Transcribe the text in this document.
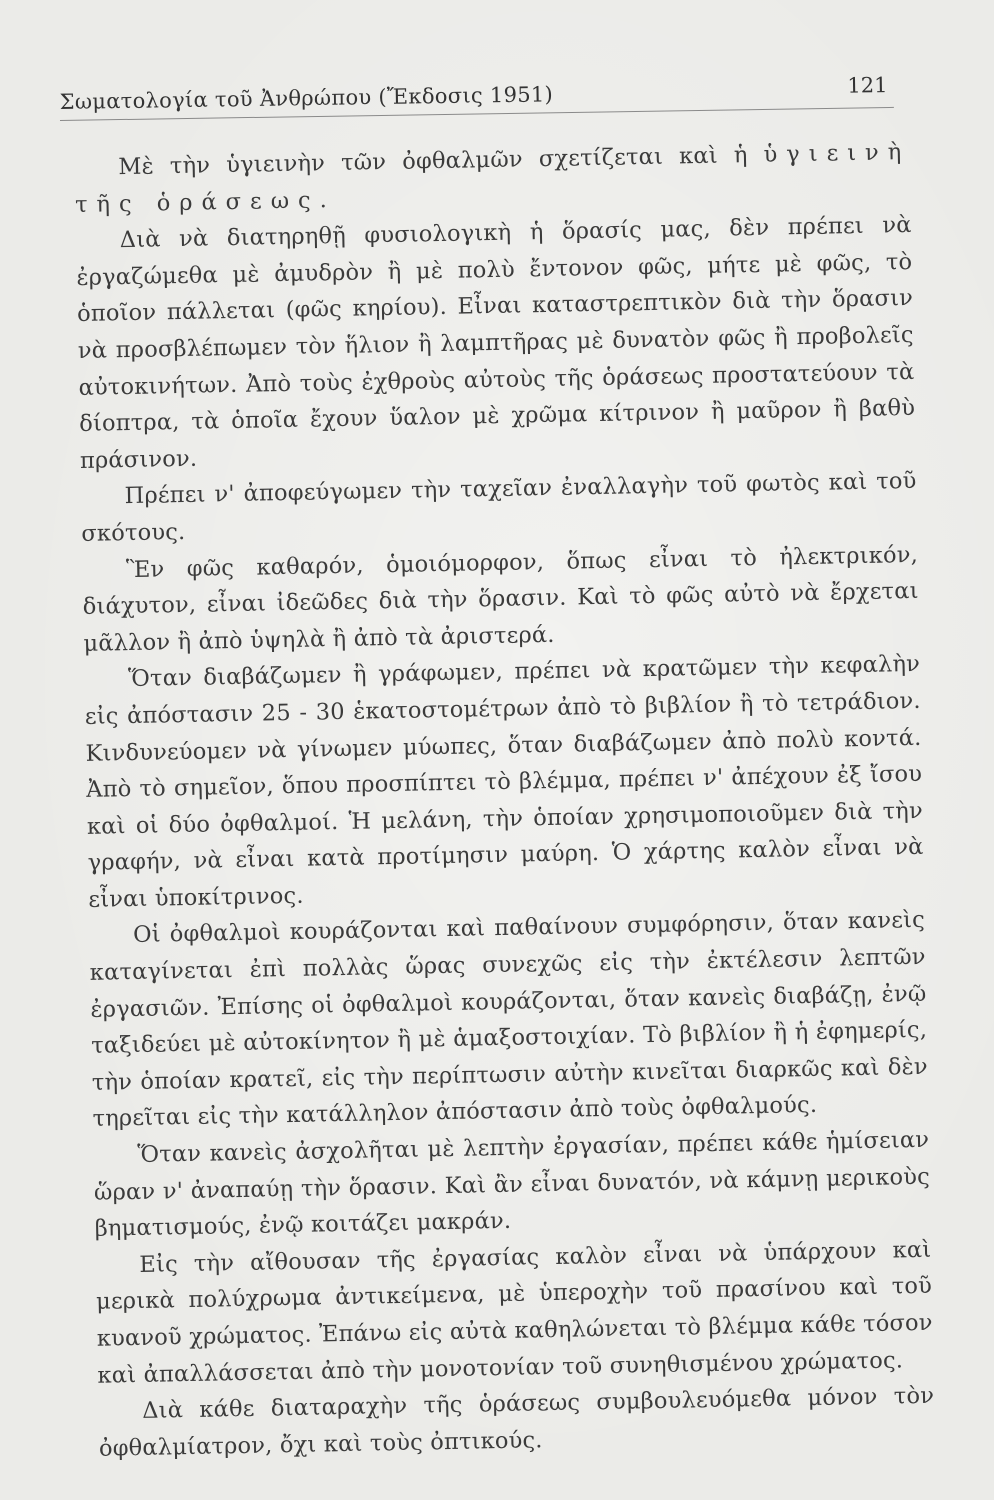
Σωματολογία τοῦ Ἀνθρώπου (Ἔκδοσις 1951)	121

Μὲ τὴν ὑγιεινὴν τῶν ὀφθαλμῶν σχετίζεται καὶ ἡ ὑγιεινὴ τῆς ὁράσεως.

Διὰ νὰ διατηρηθῇ φυσιολογικὴ ἡ ὅρασίς μας, δὲν πρέπει νὰ ἐργαζώμεθα μὲ ἀμυδρὸν ἢ μὲ πολὺ ἔντονον φῶς, μήτε μὲ φῶς, τὸ ὁποῖον πάλλεται (φῶς κηρίου). Εἶναι καταστρεπτικὸν διὰ τὴν ὅρασιν νὰ προσβλέπωμεν τὸν ἥλιον ἢ λαμπτῆρας μὲ δυνατὸν φῶς ἢ προβολεῖς αὐτοκινήτων. Ἀπὸ τοὺς ἐχθροὺς αὐτοὺς τῆς ὁράσεως προστατεύουν τὰ δίοπτρα, τὰ ὁποῖα ἔχουν ὕαλον μὲ χρῶμα κίτρινον ἢ μαῦρον ἢ βαθὺ πράσινον.

Πρέπει ν' ἀποφεύγωμεν τὴν ταχεῖαν ἐναλλαγὴν τοῦ φωτὸς καὶ τοῦ σκότους.

Ἓν φῶς καθαρόν, ὁμοιόμορφον, ὅπως εἶναι τὸ ἠλεκτρικόν, διάχυτον, εἶναι ἰδεῶδες διὰ τὴν ὅρασιν. Καὶ τὸ φῶς αὐτὸ νὰ ἔρχεται μᾶλλον ἢ ἀπὸ ὑψηλὰ ἢ ἀπὸ τὰ ἀριστερά.

Ὅταν διαβάζωμεν ἢ γράφωμεν, πρέπει νὰ κρατῶμεν τὴν κεφαλὴν εἰς ἀπόστασιν 25 - 30 ἑκατοστομέτρων ἀπὸ τὸ βιβλίον ἢ τὸ τετράδιον. Κινδυνεύομεν νὰ γίνωμεν μύωπες, ὅταν διαβάζωμεν ἀπὸ πολὺ κοντά. Ἀπὸ τὸ σημεῖον, ὅπου προσπίπτει τὸ βλέμμα, πρέπει ν' ἀπέχουν ἐξ ἴσου καὶ οἱ δύο ὀφθαλμοί. Ἡ μελάνη, τὴν ὁποίαν χρησιμοποιοῦμεν διὰ τὴν γραφήν, νὰ εἶναι κατὰ προτίμησιν μαύρη. Ὁ χάρτης καλὸν εἶναι νὰ εἶναι ὑποκίτρινος.

Οἱ ὀφθαλμοὶ κουράζονται καὶ παθαίνουν συμφόρησιν, ὅταν κανεὶς καταγίνεται ἐπὶ πολλὰς ὥρας συνεχῶς εἰς τὴν ἐκτέλεσιν λεπτῶν ἐργασιῶν. Ἐπίσης οἱ ὀφθαλμοὶ κουράζονται, ὅταν κανεὶς διαβάζῃ, ἐνῷ ταξιδεύει μὲ αὐτοκίνητον ἢ μὲ ἁμαξοστοιχίαν. Τὸ βιβλίον ἢ ἡ ἐφημερίς, τὴν ὁποίαν κρατεῖ, εἰς τὴν περίπτωσιν αὐτὴν κινεῖται διαρκῶς καὶ δὲν τηρεῖται εἰς τὴν κατάλληλον ἀπόστασιν ἀπὸ τοὺς ὀφθαλμούς.

Ὅταν κανεὶς ἀσχολῆται μὲ λεπτὴν ἐργασίαν, πρέπει κάθε ἡμίσειαν ὥραν ν' ἀναπαύῃ τὴν ὅρασιν. Καὶ ἂν εἶναι δυνατόν, νὰ κάμνῃ μερικοὺς βηματισμούς, ἐνῷ κοιτάζει μακράν.

Εἰς τὴν αἴθουσαν τῆς ἐργασίας καλὸν εἶναι νὰ ὑπάρχουν καὶ μερικὰ πολύχρωμα ἀντικείμενα, μὲ ὑπεροχὴν τοῦ πρασίνου καὶ τοῦ κυανοῦ χρώματος. Ἐπάνω εἰς αὐτὰ καθηλώνεται τὸ βλέμμα κάθε τόσον καὶ ἀπαλλάσσεται ἀπὸ τὴν μονοτονίαν τοῦ συνηθισμένου χρώματος.

Διὰ κάθε διαταραχὴν τῆς ὁράσεως συμβουλευόμεθα μόνον τὸν ὀφθαλμίατρον, ὄχι καὶ τοὺς ὀπτικούς.
